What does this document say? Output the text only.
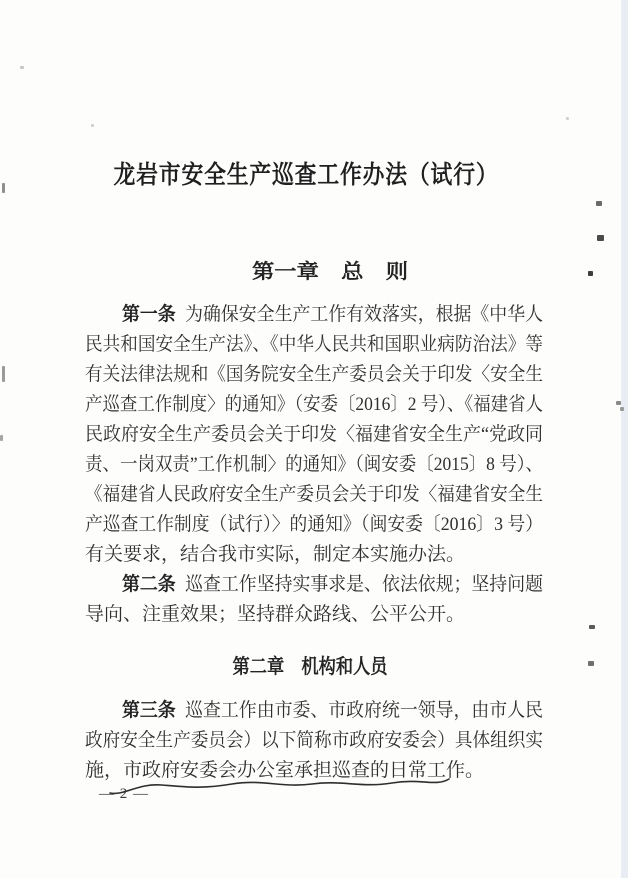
龙岩市安全生产巡查工作办法（试行）
第一章　总　则
第一条 为确保安全生产工作有效落实，根据《中华人
民共和国安全生产法》、《中华人民共和国职业病防治法》等
有关法律法规和《国务院安全生产委员会关于印发〈安全生
产巡查工作制度〉的通知》（安委〔2016〕2 号）、《福建省人
民政府安全生产委员会关于印发〈福建省安全生产“党政同
责、一岗双责”工作机制〉的通知》（闽安委〔2015〕8 号）、
《福建省人民政府安全生产委员会关于印发〈福建省安全生
产巡查工作制度（试行）〉的通知》（闽安委〔2016〕3 号）
有关要求，结合我市实际，制定本实施办法。
第二条 巡查工作坚持实事求是、依法依规；坚持问题
导向、注重效果；坚持群众路线、公平公开。
第二章　机构和人员
第三条 巡查工作由市委、市政府统一领导，由市人民
政府安全生产委员会）以下简称市政府安委会）具体组织实
施，市政府安委会办公室承担巡查的日常工作。
— 2 —
